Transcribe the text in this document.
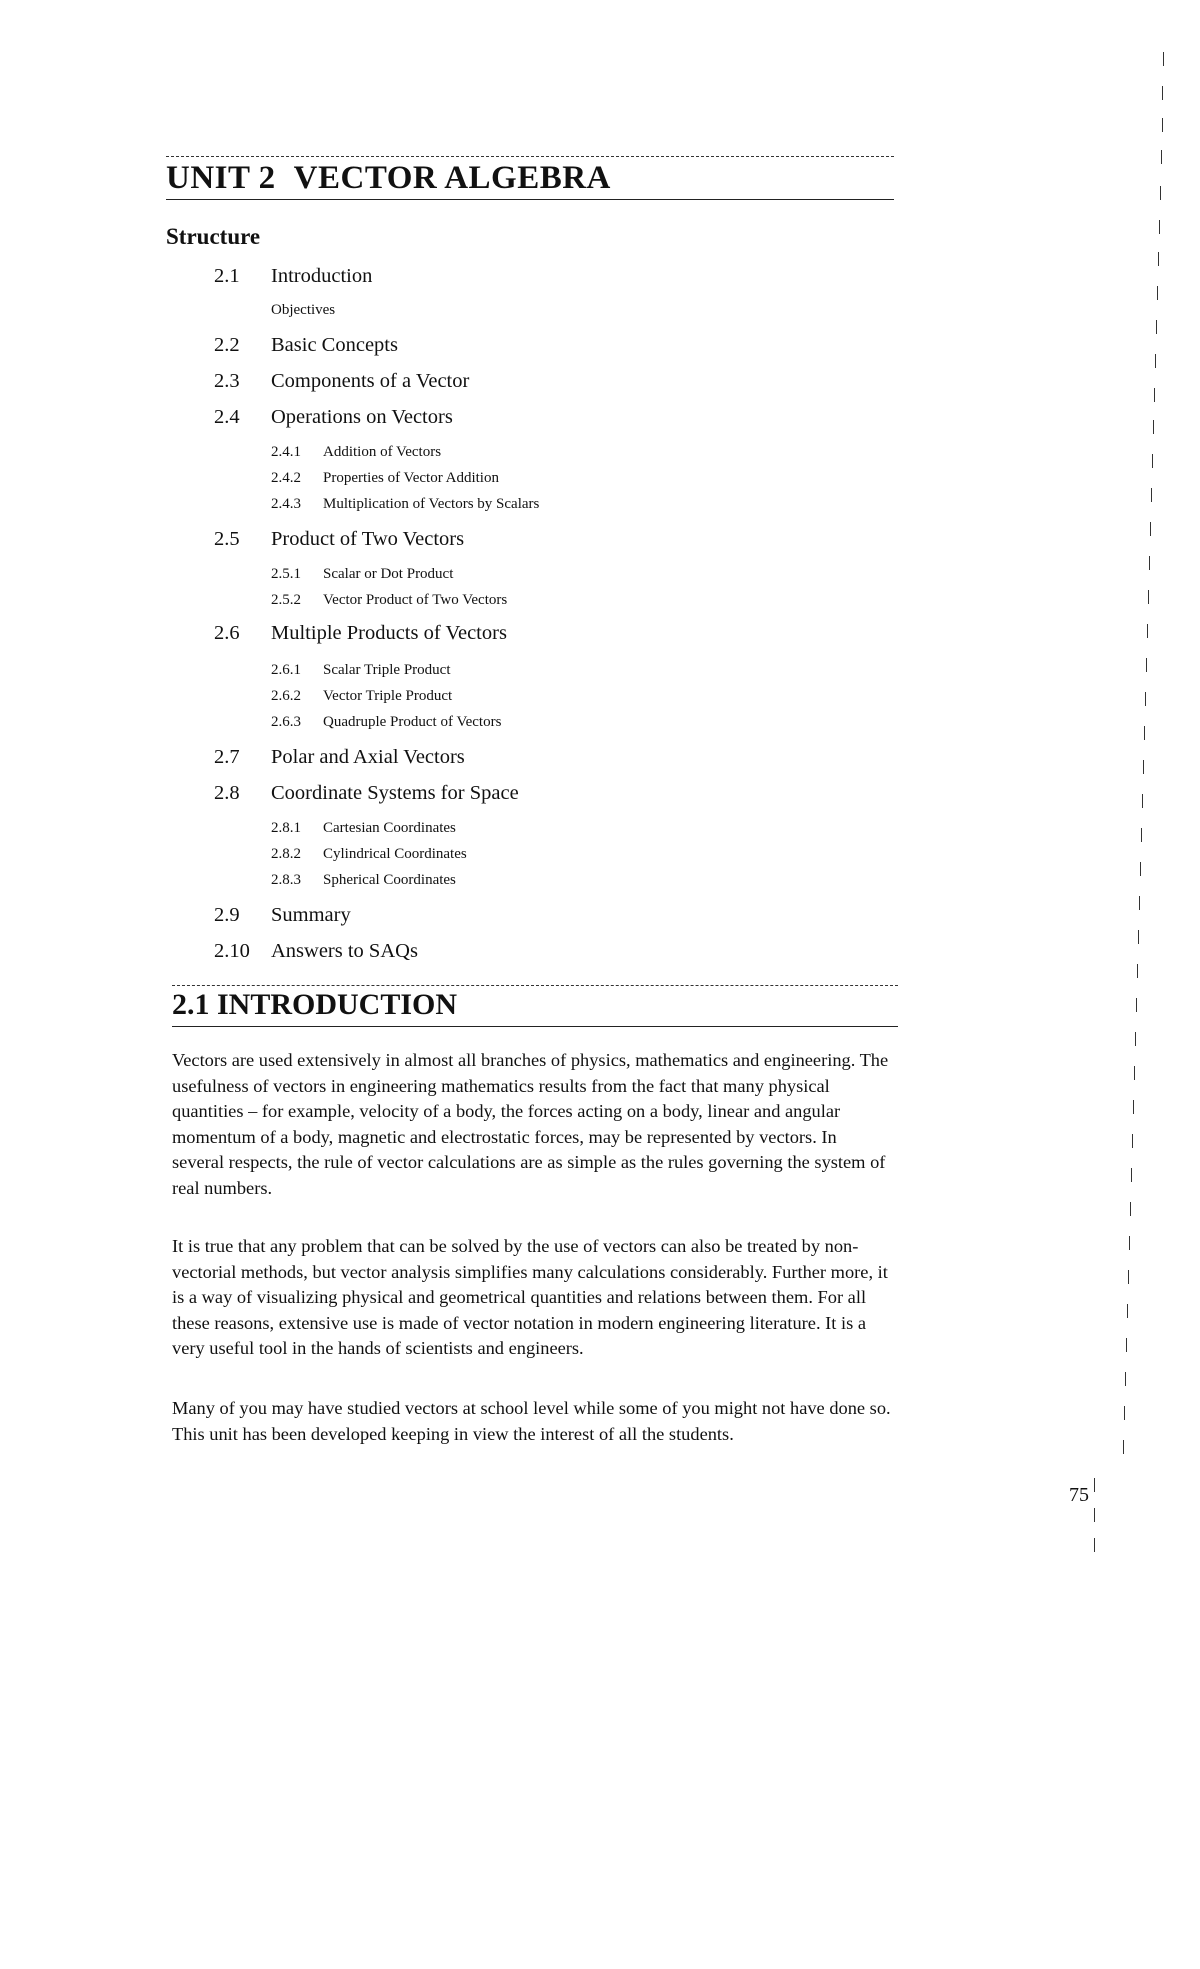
UNIT 2 VECTOR ALGEBRA
Structure
2.1 Introduction
Objectives
2.2 Basic Concepts
2.3 Components of a Vector
2.4 Operations on Vectors
2.4.1 Addition of Vectors
2.4.2 Properties of Vector Addition
2.4.3 Multiplication of Vectors by Scalars
2.5 Product of Two Vectors
2.5.1 Scalar or Dot Product
2.5.2 Vector Product of Two Vectors
2.6 Multiple Products of Vectors
2.6.1 Scalar Triple Product
2.6.2 Vector Triple Product
2.6.3 Quadruple Product of Vectors
2.7 Polar and Axial Vectors
2.8 Coordinate Systems for Space
2.8.1 Cartesian Coordinates
2.8.2 Cylindrical Coordinates
2.8.3 Spherical Coordinates
2.9 Summary
2.10 Answers to SAQs
2.1 INTRODUCTION
Vectors are used extensively in almost all branches of physics, mathematics and engineering. The usefulness of vectors in engineering mathematics results from the fact that many physical quantities – for example, velocity of a body, the forces acting on a body, linear and angular momentum of a body, magnetic and electrostatic forces, may be represented by vectors. In several respects, the rule of vector calculations are as simple as the rules governing the system of real numbers.
It is true that any problem that can be solved by the use of vectors can also be treated by non-vectorial methods, but vector analysis simplifies many calculations considerably. Further more, it is a way of visualizing physical and geometrical quantities and relations between them. For all these reasons, extensive use is made of vector notation in modern engineering literature. It is a very useful tool in the hands of scientists and engineers.
Many of you may have studied vectors at school level while some of you might not have done so. This unit has been developed keeping in view the interest of all the students.
75
